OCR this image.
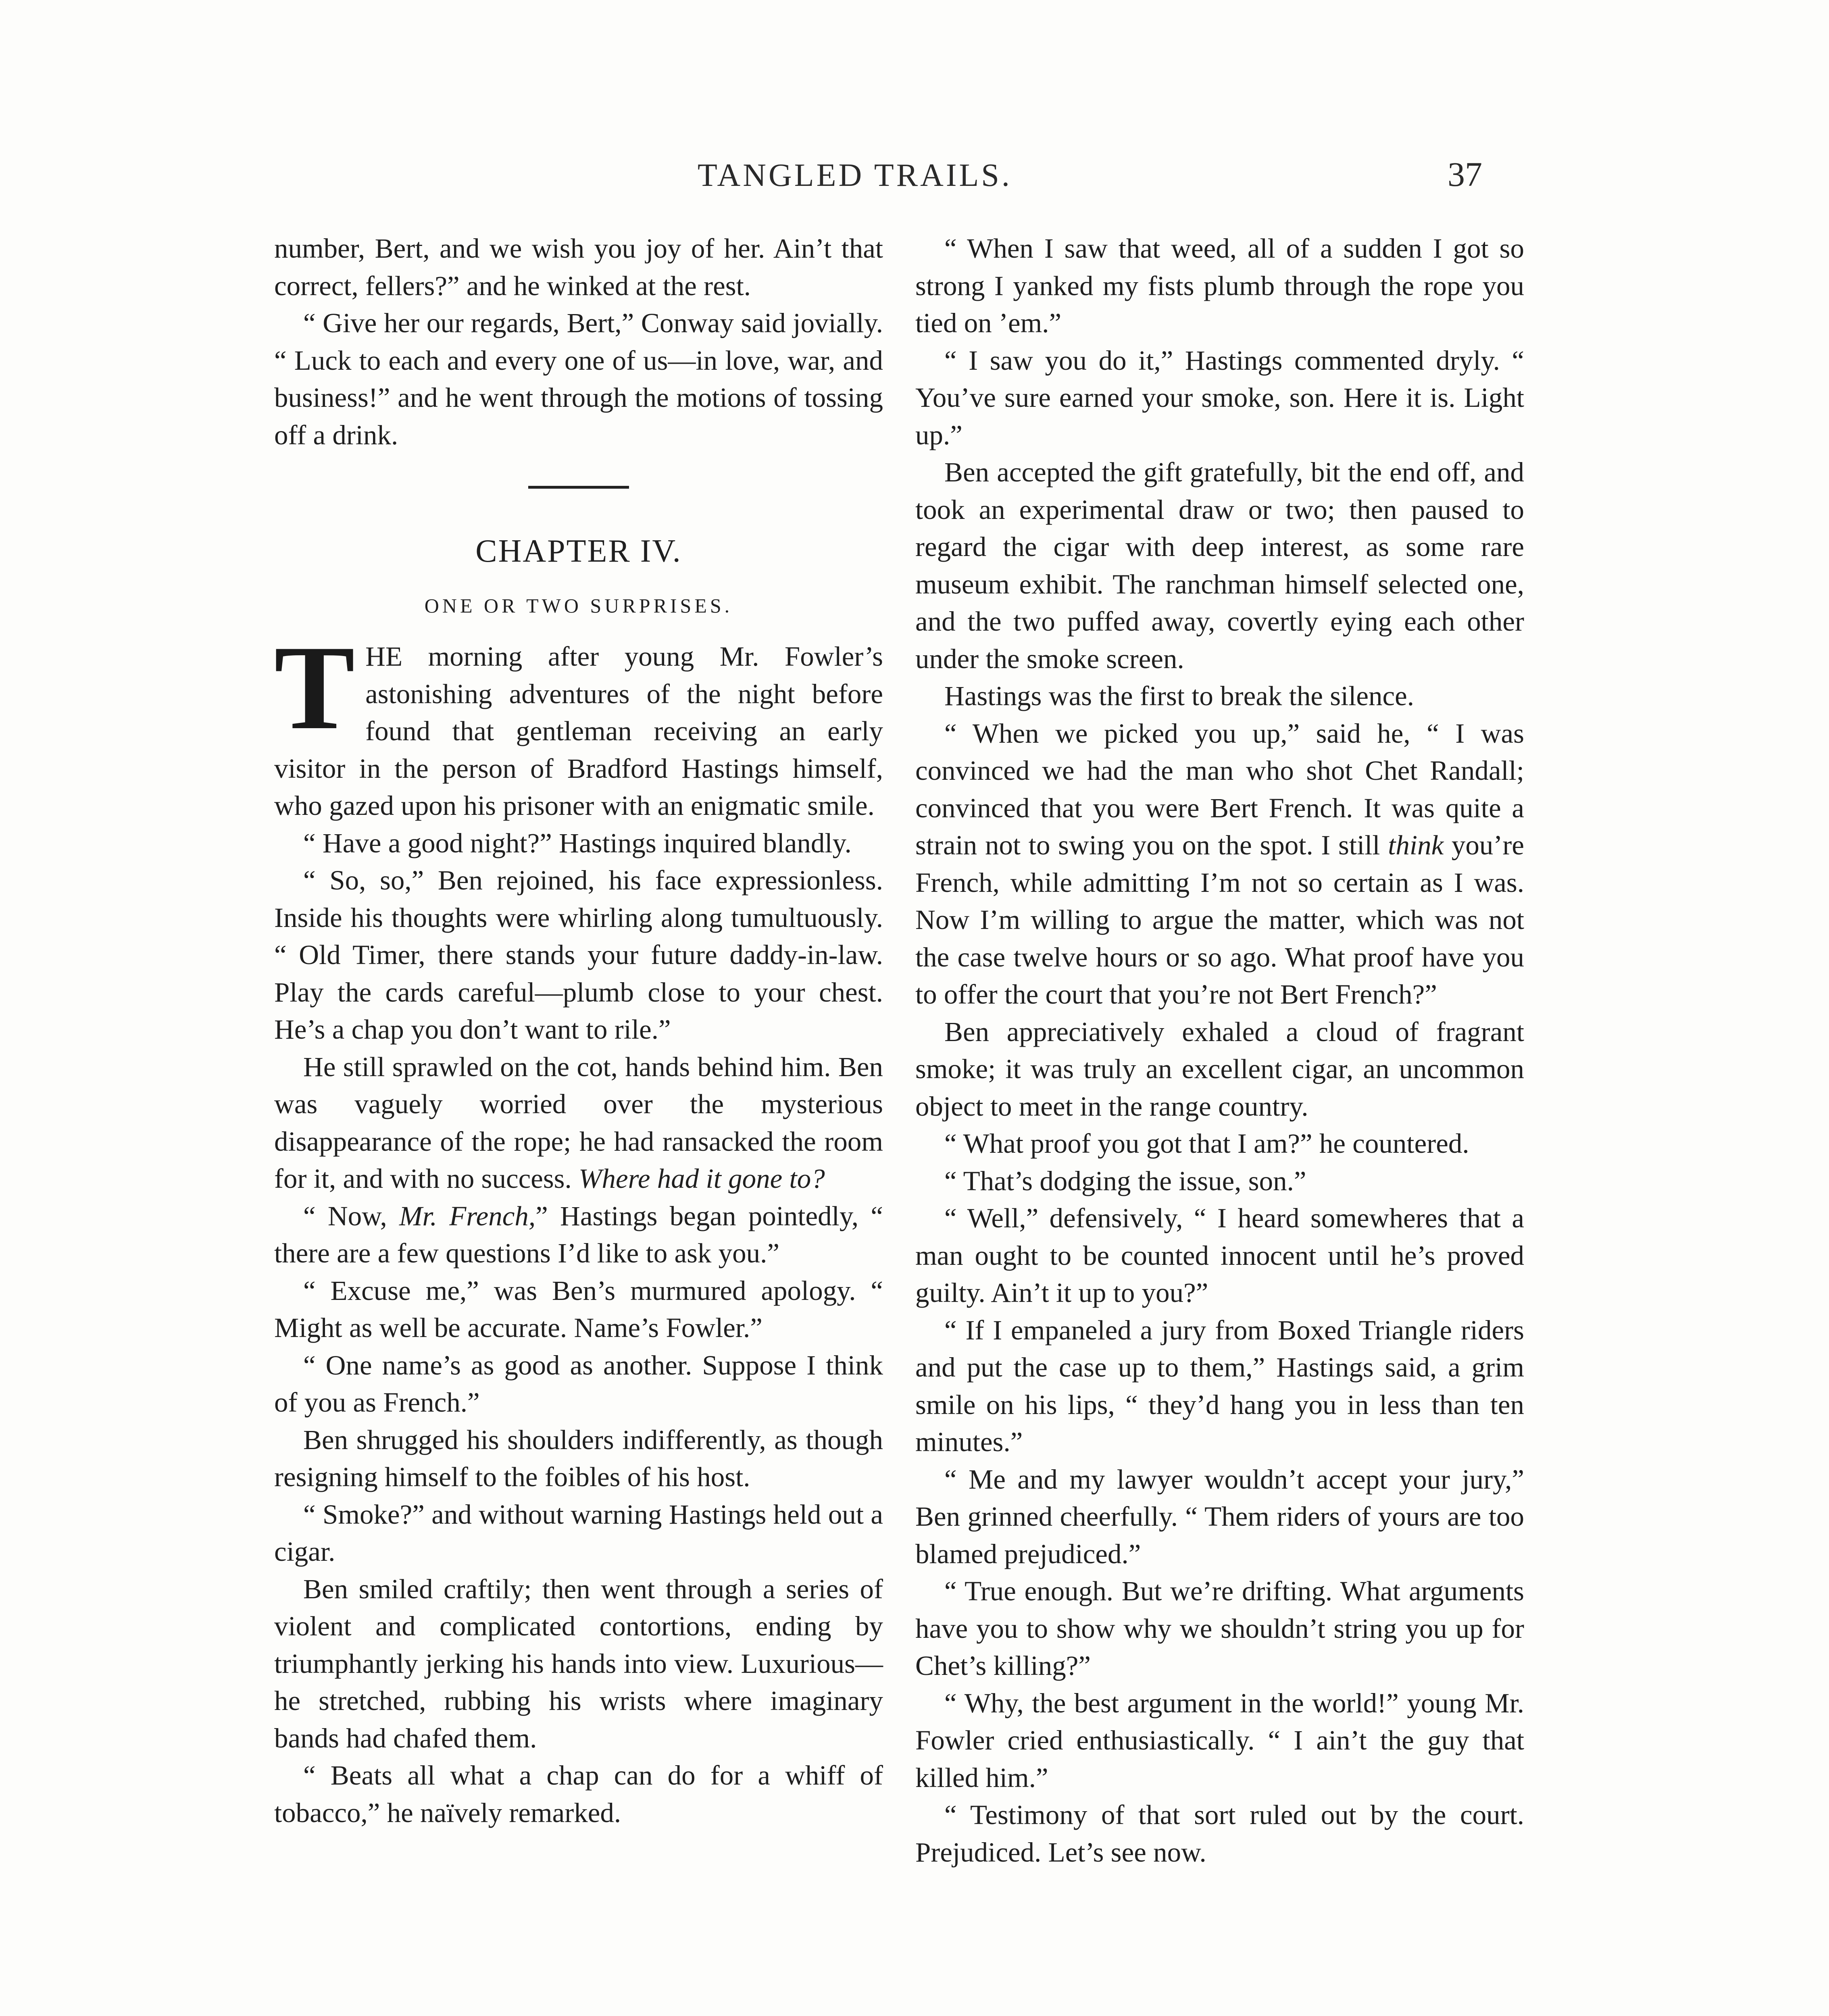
TANGLED TRAILS.	37

number, Bert, and we wish you joy of her. Ain’t that correct, fellers?” and he winked at the rest.

“ Give her our regards, Bert,” Conway said jovially. “ Luck to each and every one of us—in love, war, and business!” and he went through the motions of tossing off a drink.

CHAPTER IV.
ONE OR TWO SURPRISES.

THE morning after young Mr. Fowler’s astonishing adventures of the night before found that gentleman receiving an early visitor in the person of Bradford Hastings himself, who gazed upon his prisoner with an enigmatic smile.

“ Have a good night?” Hastings inquired blandly.

“ So, so,” Ben rejoined, his face expressionless. Inside his thoughts were whirling along tumultuously. “ Old Timer, there stands your future daddy-in-law. Play the cards careful—plumb close to your chest. He’s a chap you don’t want to rile.”

He still sprawled on the cot, hands behind him. Ben was vaguely worried over the mysterious disappearance of the rope; he had ransacked the room for it, and with no success. Where had it gone to?

“ Now, Mr. French,” Hastings began pointedly, “ there are a few questions I’d like to ask you.”

“ Excuse me,” was Ben’s murmured apology. “ Might as well be accurate. Name’s Fowler.”

“ One name’s as good as another. Suppose I think of you as French.”

Ben shrugged his shoulders indifferently, as though resigning himself to the foibles of his host.

“ Smoke?” and without warning Hastings held out a cigar.

Ben smiled craftily; then went through a series of violent and complicated contortions, ending by triumphantly jerking his hands into view. Luxurious—he stretched, rubbing his wrists where imaginary bands had chafed them.

“ Beats all what a chap can do for a whiff of tobacco,” he naïvely remarked.

“ When I saw that weed, all of a sudden I got so strong I yanked my fists plumb through the rope you tied on ’em.”

“ I saw you do it,” Hastings commented dryly. “ You’ve sure earned your smoke, son. Here it is. Light up.”

Ben accepted the gift gratefully, bit the end off, and took an experimental draw or two; then paused to regard the cigar with deep interest, as some rare museum exhibit. The ranchman himself selected one, and the two puffed away, covertly eying each other under the smoke screen.

Hastings was the first to break the silence.

“ When we picked you up,” said he, “ I was convinced we had the man who shot Chet Randall; convinced that you were Bert French. It was quite a strain not to swing you on the spot. I still think you’re French, while admitting I’m not so certain as I was. Now I’m willing to argue the matter, which was not the case twelve hours or so ago. What proof have you to offer the court that you’re not Bert French?”

Ben appreciatively exhaled a cloud of fragrant smoke; it was truly an excellent cigar, an uncommon object to meet in the range country.

“ What proof you got that I am?” he countered.

“ That’s dodging the issue, son.”

“ Well,” defensively, “ I heard somewheres that a man ought to be counted innocent until he’s proved guilty. Ain’t it up to you?”

“ If I empaneled a jury from Boxed Triangle riders and put the case up to them,” Hastings said, a grim smile on his lips, “ they’d hang you in less than ten minutes.”

“ Me and my lawyer wouldn’t accept your jury,” Ben grinned cheerfully. “ Them riders of yours are too blamed prejudiced.”

“ True enough. But we’re drifting. What arguments have you to show why we shouldn’t string you up for Chet’s killing?”

“ Why, the best argument in the world!” young Mr. Fowler cried enthusiastically. “ I ain’t the guy that killed him.”

“ Testimony of that sort ruled out by the court. Prejudiced. Let’s see now.
